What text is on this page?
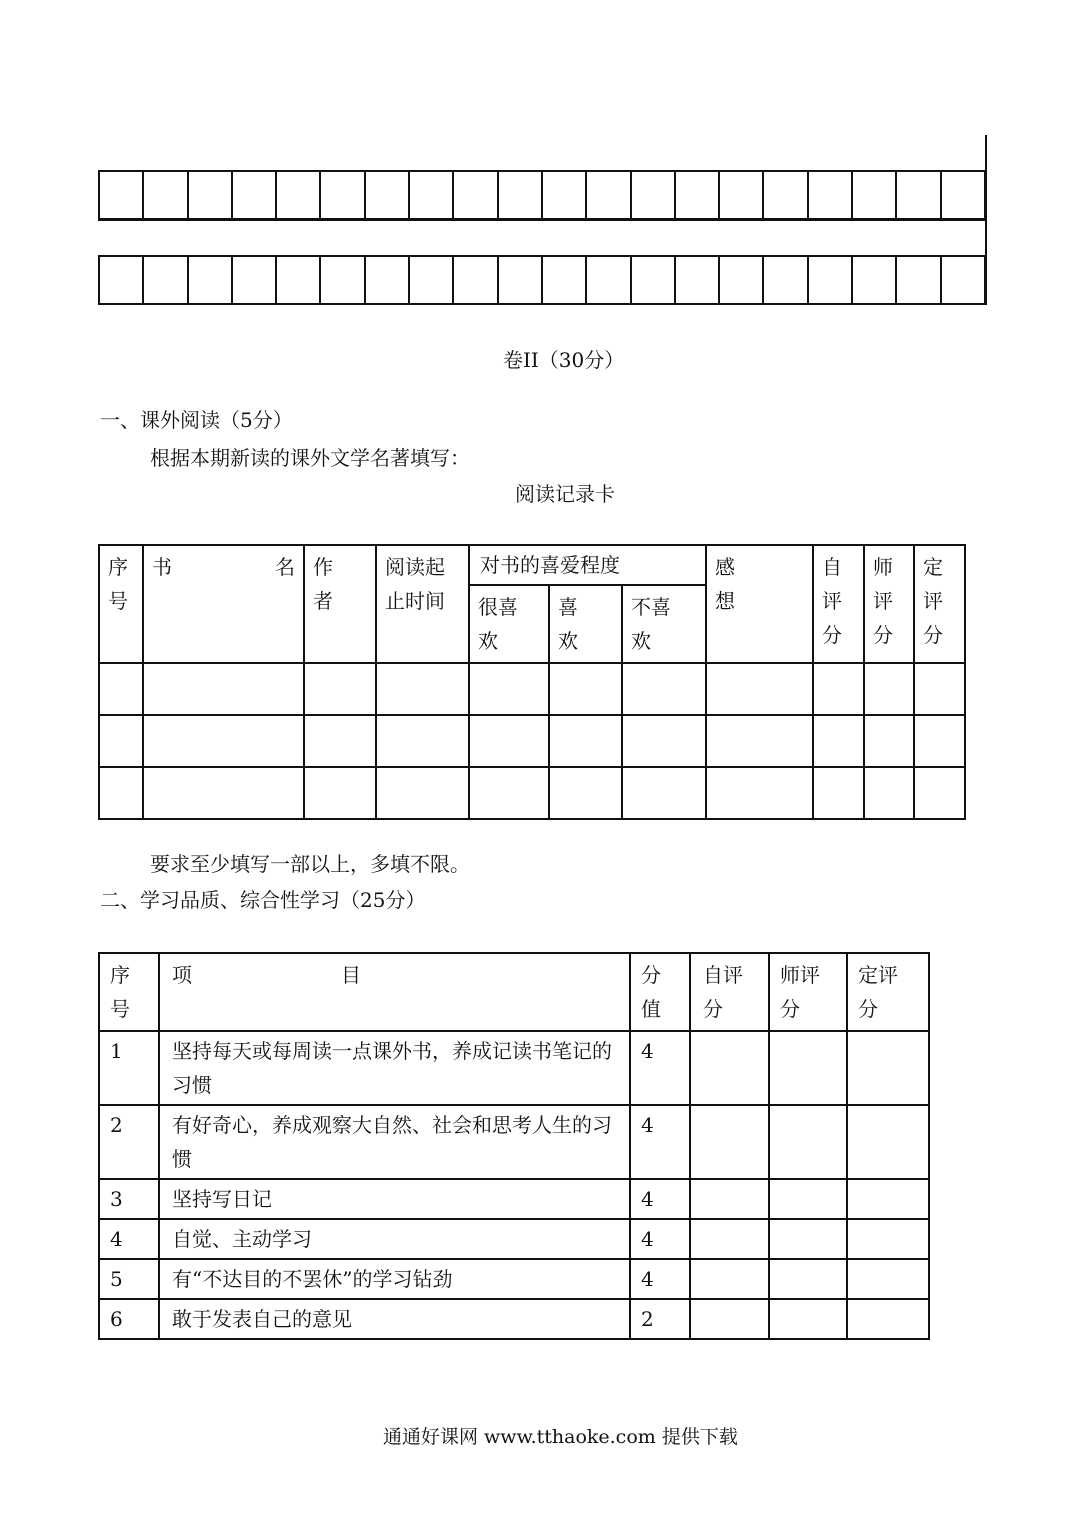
卷II（30分）
一、课外阅读（5分）
根据本期新读的课外文学名著填写：
阅读记录卡
序号	书 名	作者	阅读起止时间	对书的喜爱程度			感想	自评分	师评分	定评分

				很喜欢	喜欢	不喜欢				

要求至少填写一部以上，多填不限。
二、学习品质、综合性学习（25分）
序号	项 目	分值	自评分	师评分	定评分

1	坚持每天或每周读一点课外书，养成记读书笔记的习惯	4			
2	有好奇心，养成观察大自然、社会和思考人生的习惯	4			
3	坚持写日记	4			
4	自觉、主动学习	4			
5	有“不达目的不罢休”的学习钻劲	4			
6	敢于发表自己的意见	2			
通通好课网 www.tthaoke.com 提供下载
